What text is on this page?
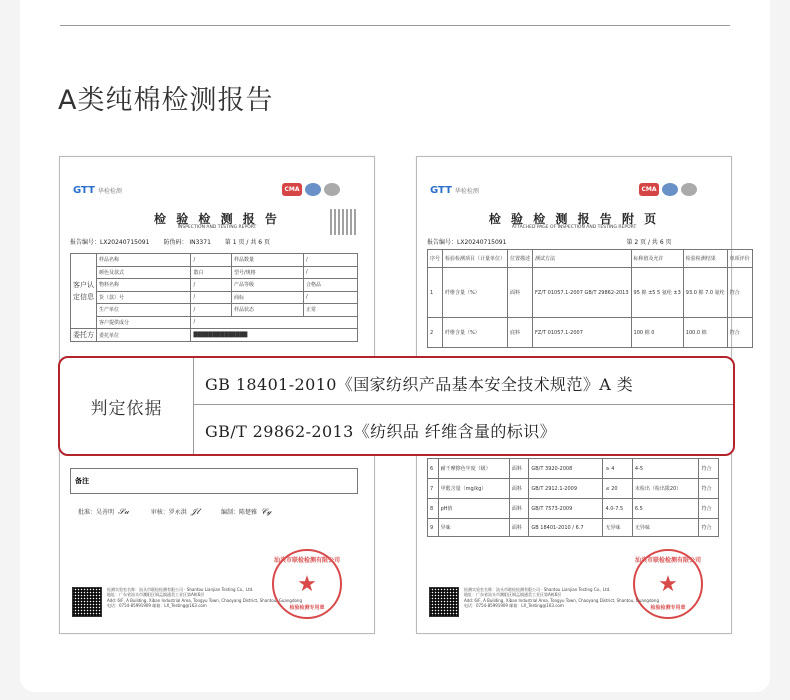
A类纯棉检测报告
GTT 华检检测	CMA
检 验 检 测 报 告
INSPECTION AND TESTING REPORT
报告编号：LX20240715091 防伪码： IN3371 第 1 页 / 共 6 页
客户认定信息	样品名称	/	样品数量	/
	颜色及款式	散白	型号/规格	/
	物料名称	/	产品等级	合格品
	货（款）号	/	商标	/
	生产单位	/	样品状态	正常
	客户提供成分	/		
委托方	委托单位	██████████████		
备注
批准：吴善明 𝒮𝓊	审核：罗永洪 𝒥𝓁	编制：陈楚雅 𝒞𝓎
汕头市联检检测有限公司
★
检验检测专用章
检测实验室名称：汕头市联检检测有限公司 · Shantou Lianjian Testing Co., Ltd.
地址：广东省汕头市潮阳区铜盂镇通美工业区第A栋6层
Add: 6/F, A Building, Xiban Industrial Area, Tongyu Town, Chaoyang District, Shantou, Guangdong
电话：0754-85991909 邮箱：LX_Testing@163.com
GTT 华检检测	CMA
检 验 检 测 报 告 附 页
ATTACHED PAGE OF INSPECTION AND TESTING REPORT
报告编号：LX20240715091	第 2 页 / 共 6 页
序号	检验检测项目（计量单位）	位置描述	测试方法	标称值及允许	检验检测结果	单项评价
1	纤维含量（%）	面料	FZ/T 01057.1-2007 GB/T 29862-2013	95 棉 ±5 5 氨纶 ±3	93.0 棉 7.0 氨纶	符合
2	纤维含量（%）	底料	FZ/T 01057.1-2007	100 棉 0	100.0 棉	符合
6	耐干摩擦色牢度（级）	面料	GB/T 3920-2008	≥ 4	4-5	符合
7	甲醛含量（mg/kg）	面料	GB/T 2912.1-2009	≤ 20	未检出（检出限20）	符合
8	pH值	面料	GB/T 7573-2009	4.0-7.5	6.5	符合
9	异味	面料	GB 18401-2010 / 6.7	无异味	无异味	符合
汕头市联检检测有限公司
★
检验检测专用章
检测实验室名称：汕头市联检检测有限公司 · Shantou Lianjian Testing Co., Ltd.
地址：广东省汕头市潮阳区铜盂镇通美工业区第A栋6层
Add: 6/F, A Building, Xiban Industrial Area, Tongyu Town, Chaoyang District, Shantou, Guangdong
电话：0754-85991909 邮箱：LX_Testing@163.com
判定依据
GB 18401-2010《国家纺织产品基本安全技术规范》A 类
GB/T 29862-2013《纺织品 纤维含量的标识》
